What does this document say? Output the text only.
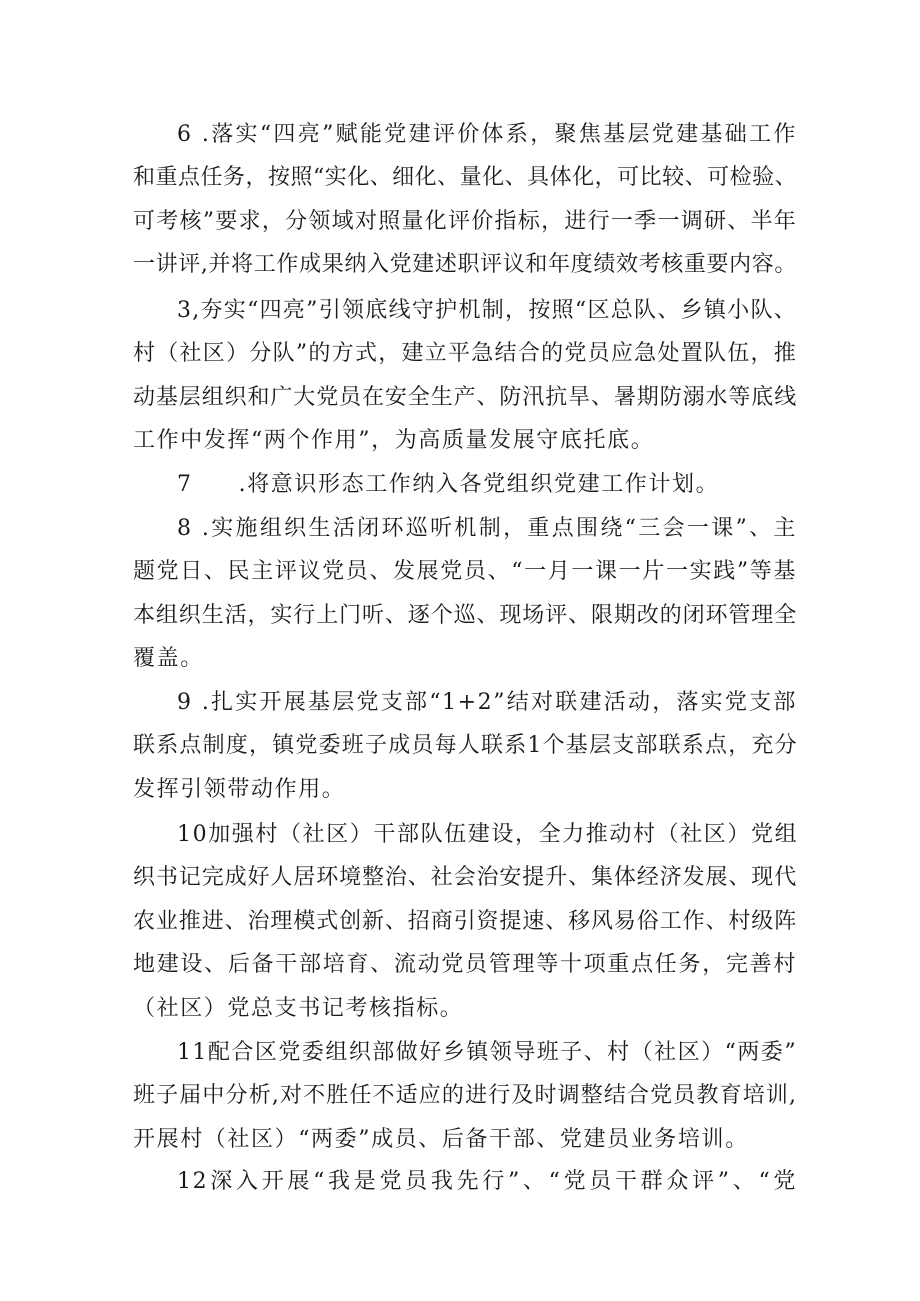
6 .落实“四亮”赋能党建评价体系，聚焦基层党建基础工作
和重点任务，按照“实化、细化、量化、具体化，可比较、可检验、
可考核”要求，分领域对照量化评价指标，进行一季一调研、半年
一讲评,并将工作成果纳入党建述职评议和年度绩效考核重要内容。

3,夯实“四亮”引领底线守护机制，按照“区总队、乡镇小队、
村（社区）分队”的方式，建立平急结合的党员应急处置队伍，推
动基层组织和广大党员在安全生产、防汛抗旱、暑期防溺水等底线
工作中发挥“两个作用”，为高质量发展守底托底。

7 .将意识形态工作纳入各党组织党建工作计划。

8 .实施组织生活闭环巡听机制，重点围绕“三会一课”、主
题党日、民主评议党员、发展党员、“一月一课一片一实践”等基
本组织生活，实行上门听、逐个巡、现场评、限期改的闭环管理全
覆盖。

9 .扎实开展基层党支部“1+2”结对联建活动，落实党支部
联系点制度，镇党委班子成员每人联系1个基层支部联系点，充分
发挥引领带动作用。

10加强村（社区）干部队伍建设，全力推动村（社区）党组
织书记完成好人居环境整治、社会治安提升、集体经济发展、现代
农业推进、治理模式创新、招商引资提速、移风易俗工作、村级阵
地建设、后备干部培育、流动党员管理等十项重点任务，完善村
（社区）党总支书记考核指标。

11配合区党委组织部做好乡镇领导班子、村（社区）“两委”
班子届中分析,对不胜任不适应的进行及时调整结合党员教育培训,
开展村（社区）“两委”成员、后备干部、党建员业务培训。

12深入开展“我是党员我先行”、“党员干群众评”、“党
